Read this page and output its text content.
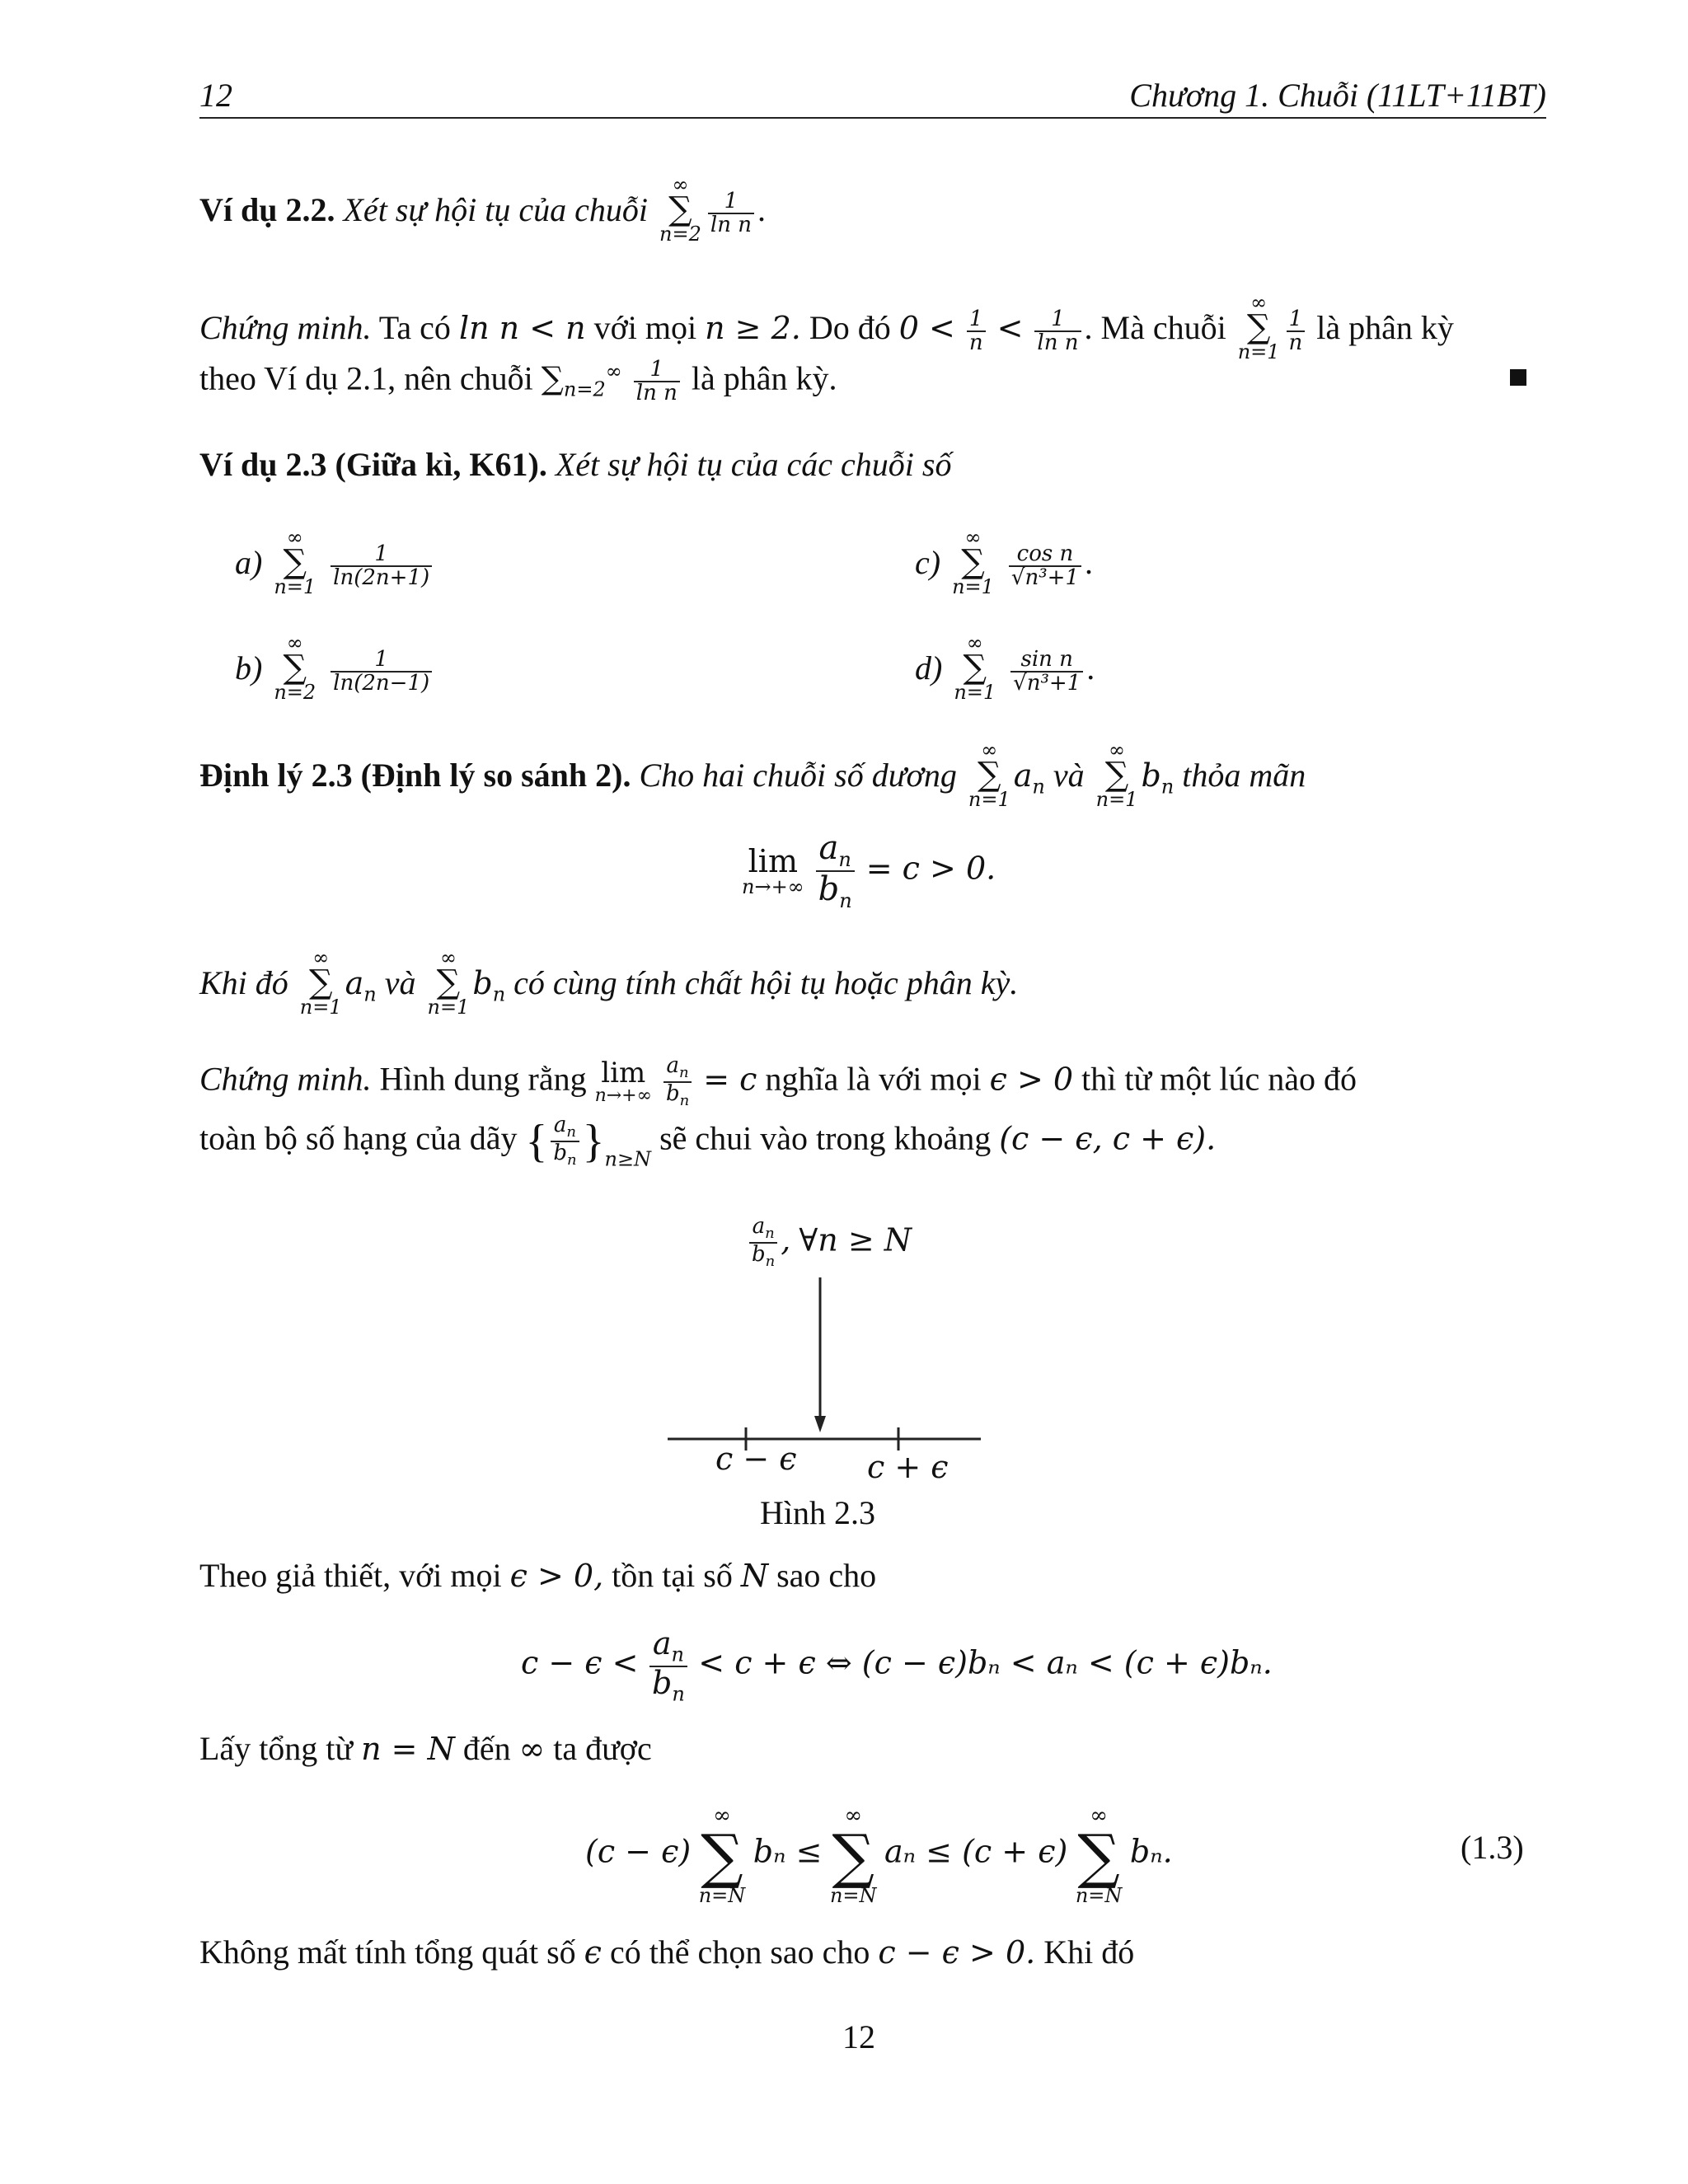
12	Chương 1. Chuỗi (11LT+11BT)
Ví dụ 2.2. Xét sự hội tụ của chuỗi
∞
∑
$n=2 \frac{1}{\text{ln n}}$ .
Chứng minh. Ta có ln n < n với mọi n ≥ 2. Do đó $0 < \frac{1}{n} < \frac{1}{\text{ln n}}$ . Mà chuỗi
∞
∑
$n=1 \frac{1}{n}$ là phân kỳ
theo Ví dụ 2.1, nên chuỗi $\sum_{n=2}^\infty \frac{1}{\text{ln n}}$ là phân kỳ.
Ví dụ 2.3 (Giữa kì, K61). Xét sự hội tụ của các chuỗi số
a)
∞
∑
n=1
$\frac{1}{\ln(2n+1)}$
b)
∞
∑
n=2
$\frac{1}{\ln(2n-1)}$
c)
∞
∑
n=1
$\frac{\text{cos n}}{\text{√n³+1}}$ .
d)
∞
∑
n=1
$\frac{\text{sin n}}{\text{√n³+1}}$ .
Định lý 2.3 (Định lý so sánh 2). Cho hai chuỗi số dương
∞
∑
n=1
$a_n$ và
∞
∑
n=1
$b_n$ thỏa mãn
lim
n→+∞
$\frac{a_n}{b_n} = c > 0$.
Khi đó
∞
∑
n=1
$a_n$ và
∞
∑
n=1
$b_n$ có cùng tính chất hội tụ hoặc phân kỳ.
Chứng minh. Hình dung rằng lim
n→+∞
$\frac{a_n}{b_n} = c$ nghĩa là với mọi ϵ > 0 thì từ một lúc nào đó
toàn bộ số hạng của dãy { $\frac{a_n}{b_n} \}_{n\ge N}$ sẽ chui vào trong khoảng (c − ϵ, c + ϵ).
$\frac{a_n}{b_n}$ , ∀n ≥ N
c − ϵ c + ϵ
Hình 2.3
Theo giả thiết, với mọi ϵ > 0, tồn tại số N sao cho
$c - \epsilon < \frac{a_n}{b_n} < c + \epsilon$ ⇔ (c − ϵ)bₙ < aₙ < (c + ϵ)bₙ.
Lấy tổng từ n = N đến ∞ ta được
(c − ϵ)
∞
∑
n=N
bₙ ≤
∞
∑
n=N
aₙ ≤ (c + ϵ)
∞
∑
n=N
bₙ.	(1.3)
Không mất tính tổng quát số ϵ có thể chọn sao cho c − ϵ > 0. Khi đó
12
